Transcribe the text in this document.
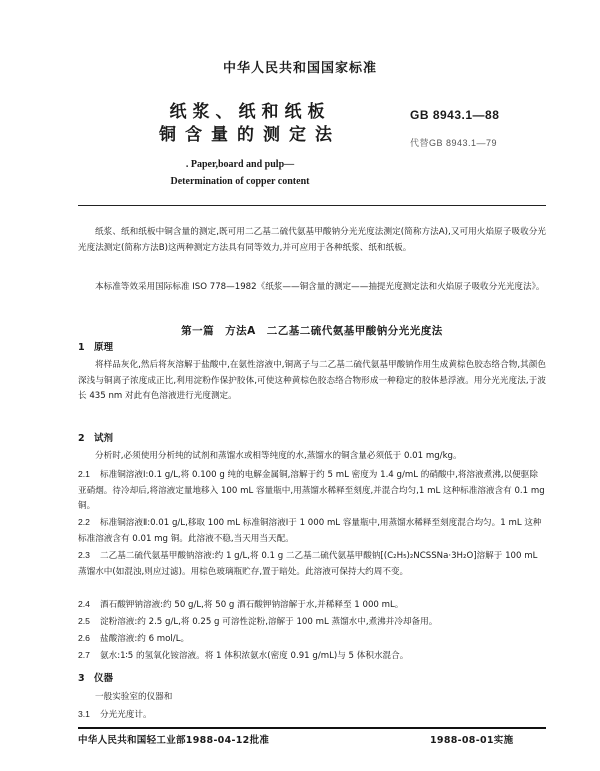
中华人民共和国国家标准
纸浆、纸和纸板
铜含量的测定法
GB 8943.1—88
代替GB 8943.1—79
. Paper,board and pulp—
Determination of copper content
纸浆、纸和纸板中铜含量的测定,既可用二乙基二硫代氨基甲酸钠分光光度法测定(简称方法A),又可用火焰原子吸收分光光度法测定(简称方法B)这两种测定方法具有同等效力,并可应用于各种纸浆、纸和纸板。
本标准等效采用国际标准 ISO 778—1982《纸浆——铜含量的测定——抽提光度测定法和火焰原子吸收分光光度法》。
第一篇　方法A　二乙基二硫代氨基甲酸钠分光光度法
1 原理
将样品灰化,然后将灰溶解于盐酸中,在氨性溶液中,铜离子与二乙基二硫代氨基甲酸钠作用生成黄棕色胶态络合物,其颜色深浅与铜离子浓度成正比,利用淀粉作保护胶体,可使这种黄棕色胶态络合物形成一种稳定的胶体悬浮液。用分光光度法,于波长 435 nm 对此有色溶液进行光度测定。
2 试剂
分析时,必须使用分析纯的试剂和蒸馏水或相等纯度的水,蒸馏水的铜含量必须低于 0.01 mg/kg。
2.1 标准铜溶液Ⅰ:0.1 g/L,将 0.100 g 纯的电解金属铜,溶解于约 5 mL 密度为 1.4 g/mL 的硝酸中,将溶液煮沸,以便驱除亚硝烟。待冷却后,将溶液定量地移入 100 mL 容量瓶中,用蒸馏水稀释至刻度,并混合均匀,1 mL 这种标准溶液含有 0.1 mg 铜。
2.2 标准铜溶液Ⅱ:0.01 g/L,移取 100 mL 标准铜溶液Ⅰ于 1 000 mL 容量瓶中,用蒸馏水稀释至刻度混合均匀。1 mL 这种标准溶液含有 0.01 mg 铜。此溶液不稳,当天用当天配。
2.3 二乙基二硫代氨基甲酸钠溶液:约 1 g/L,将 0.1 g 二乙基二硫代氨基甲酸钠[(C₂H₅)₂NCSSNa·3H₂O]溶解于 100 mL 蒸馏水中(如混浊,则应过滤)。用棕色玻璃瓶贮存,置于暗处。此溶液可保持大约周不变。
2.4 酒石酸钾钠溶液:约 50 g/L,将 50 g 酒石酸钾钠溶解于水,并稀释至 1 000 mL。
2.5 淀粉溶液:约 2.5 g/L,将 0.25 g 可溶性淀粉,溶解于 100 mL 蒸馏水中,煮沸并冷却备用。
2.6 盐酸溶液:约 6 mol/L。
2.7 氨水:1∶5 的氢氧化铵溶液。将 1 体积浓氨水(密度 0.91 g/mL)与 5 体积水混合。
3 仪器
一般实验室的仪器和
3.1 分光光度计。
中华人民共和国轻工业部1988-04-12批准	1988-08-01实施
